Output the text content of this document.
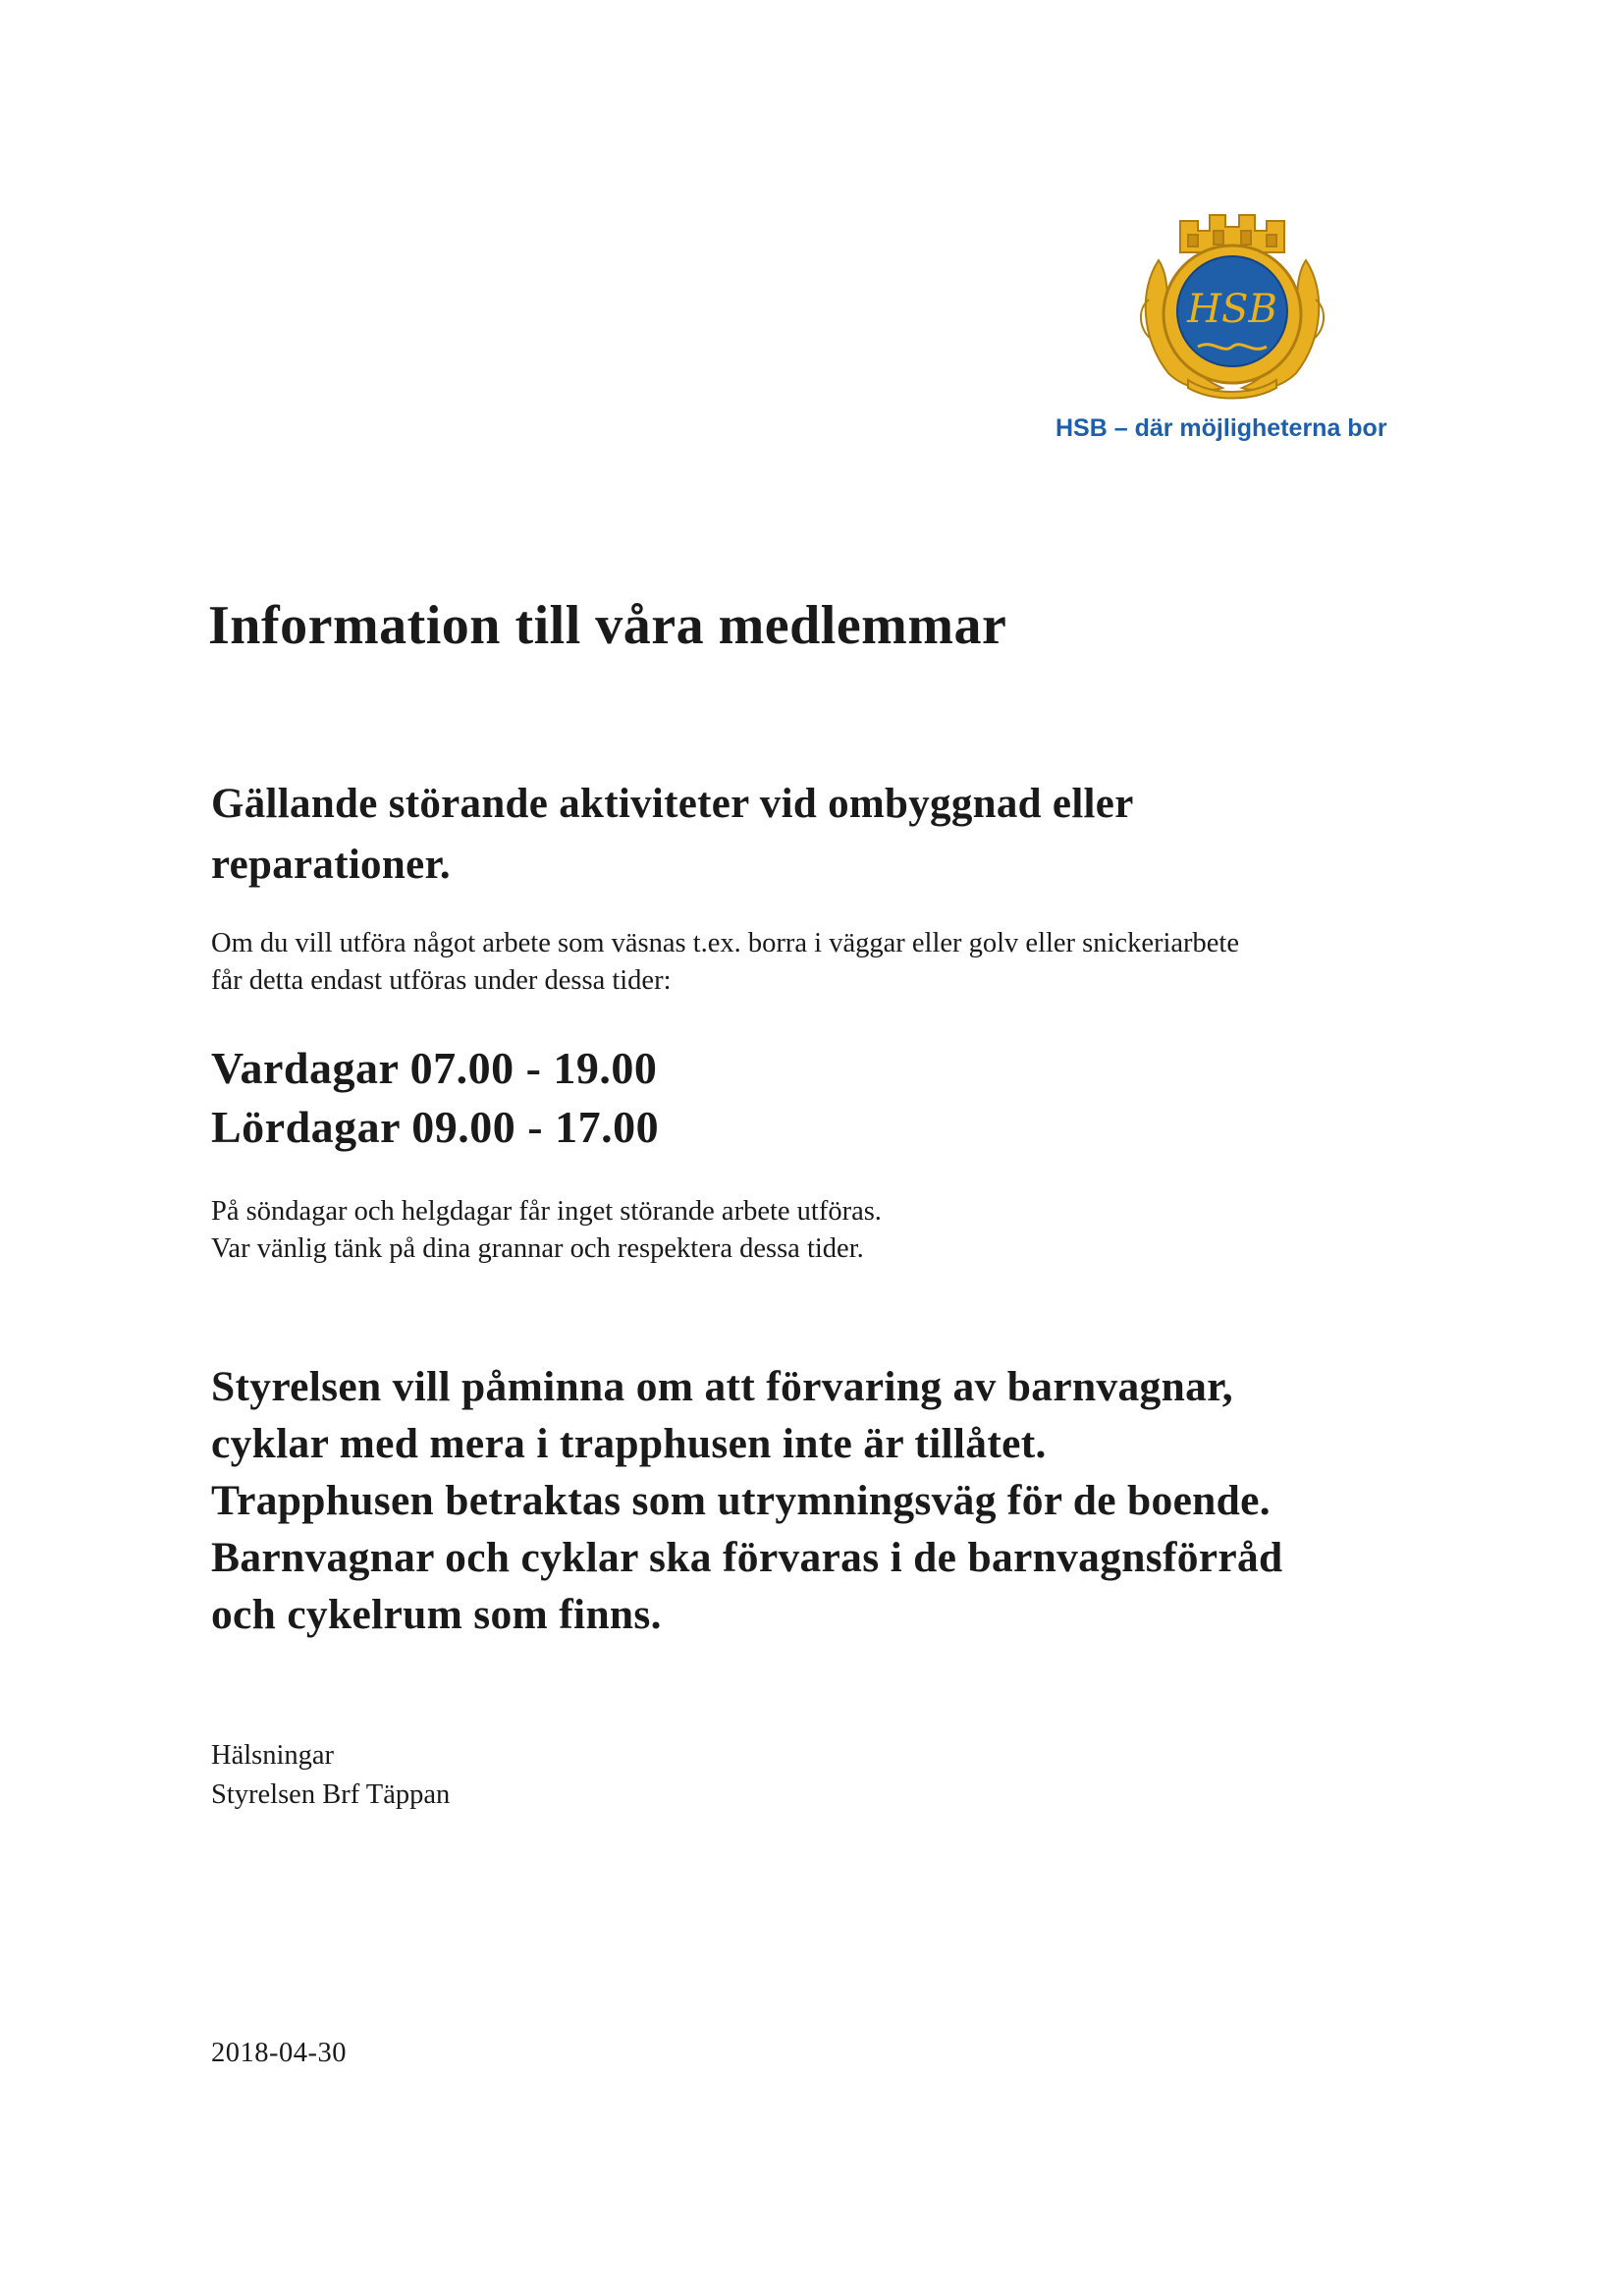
HSB
HSB – där möjligheterna bor
Information till våra medlemmar
Gällande störande aktiviteter vid ombyggnad eller reparationer.

Om du vill utföra något arbete som väsnas t.ex. borra i väggar eller golv eller snickeriarbete
får detta endast utföras under dessa tider:

Vardagar 07.00 - 19.00
Lördagar 09.00 - 17.00

På söndagar och helgdagar får inget störande arbete utföras.
Var vänlig tänk på dina grannar och respektera dessa tider.

Styrelsen vill påminna om att förvaring av barnvagnar,
cyklar med mera i trapphusen inte är tillåtet.
Trapphusen betraktas som utrymningsväg för de boende.
Barnvagnar och cyklar ska förvaras i de barnvagnsförråd
och cykelrum som finns.

Hälsningar
Styrelsen Brf Täppan

2018-04-30
